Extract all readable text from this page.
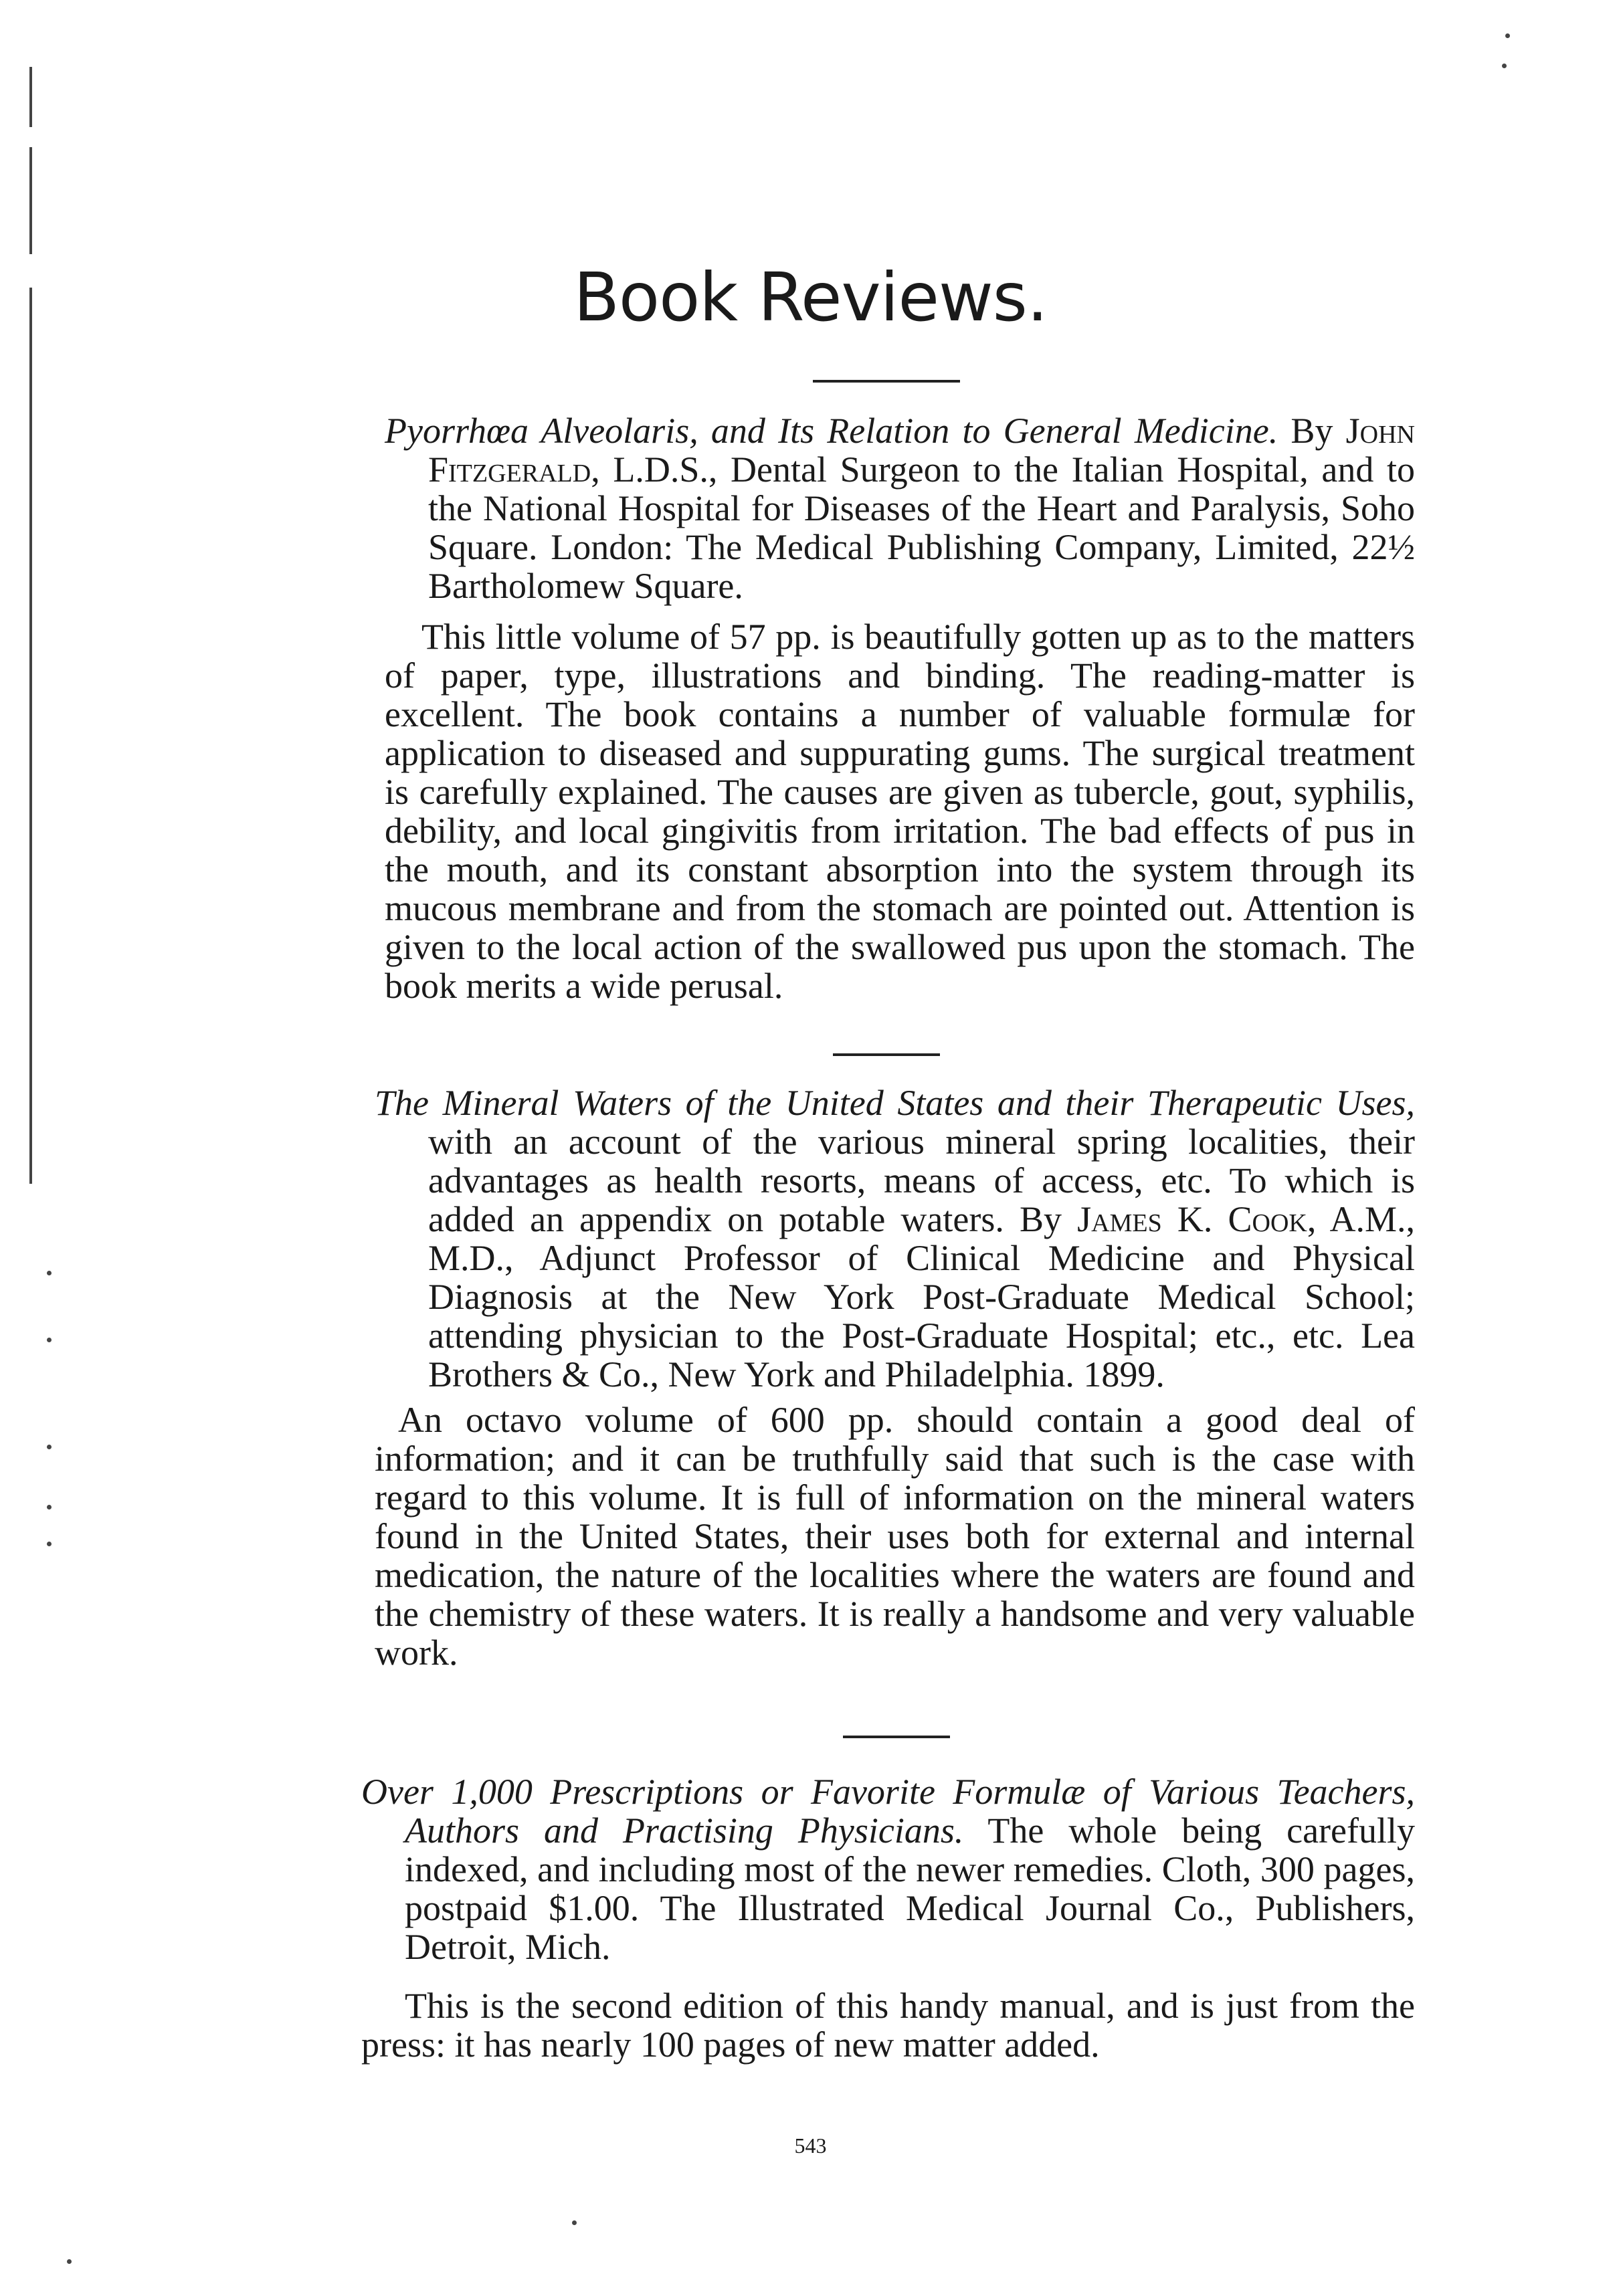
Book Reviews.

Pyorrhœa Alveolaris, and Its Relation to General Medicine. By John Fitzgerald, L.D.S., Dental Surgeon to the Italian Hospital, and to the National Hospital for Diseases of the Heart and Paralysis, Soho Square. London: The Medical Publishing Company, Limited, 22½ Bartholomew Square.

This little volume of 57 pp. is beautifully gotten up as to the matters of paper, type, illustrations and binding. The reading-matter is excellent. The book contains a number of valuable formulæ for application to diseased and suppurating gums. The surgical treatment is carefully explained. The causes are given as tubercle, gout, syphilis, debility, and local gingivitis from irritation. The bad effects of pus in the mouth, and its constant absorption into the system through its mucous membrane and from the stomach are pointed out. Attention is given to the local action of the swallowed pus upon the stomach. The book merits a wide perusal.

The Mineral Waters of the United States and their Therapeutic Uses, with an account of the various mineral spring localities, their advantages as health resorts, means of access, etc. To which is added an appendix on potable waters. By James K. Cook, A.M., M.D., Adjunct Professor of Clinical Medicine and Physical Diagnosis at the New York Post-Graduate Medical School; attending physician to the Post-Graduate Hospital; etc., etc. Lea Brothers & Co., New York and Philadelphia. 1899.

An octavo volume of 600 pp. should contain a good deal of information; and it can be truthfully said that such is the case with regard to this volume. It is full of information on the mineral waters found in the United States, their uses both for external and internal medication, the nature of the localities where the waters are found and the chemistry of these waters. It is really a handsome and very valuable work.

Over 1,000 Prescriptions or Favorite Formulæ of Various Teachers, Authors and Practising Physicians. The whole being carefully indexed, and including most of the newer remedies. Cloth, 300 pages, postpaid $1.00. The Illustrated Medical Journal Co., Publishers, Detroit, Mich.

This is the second edition of this handy manual, and is just from the press: it has nearly 100 pages of new matter added.

543
